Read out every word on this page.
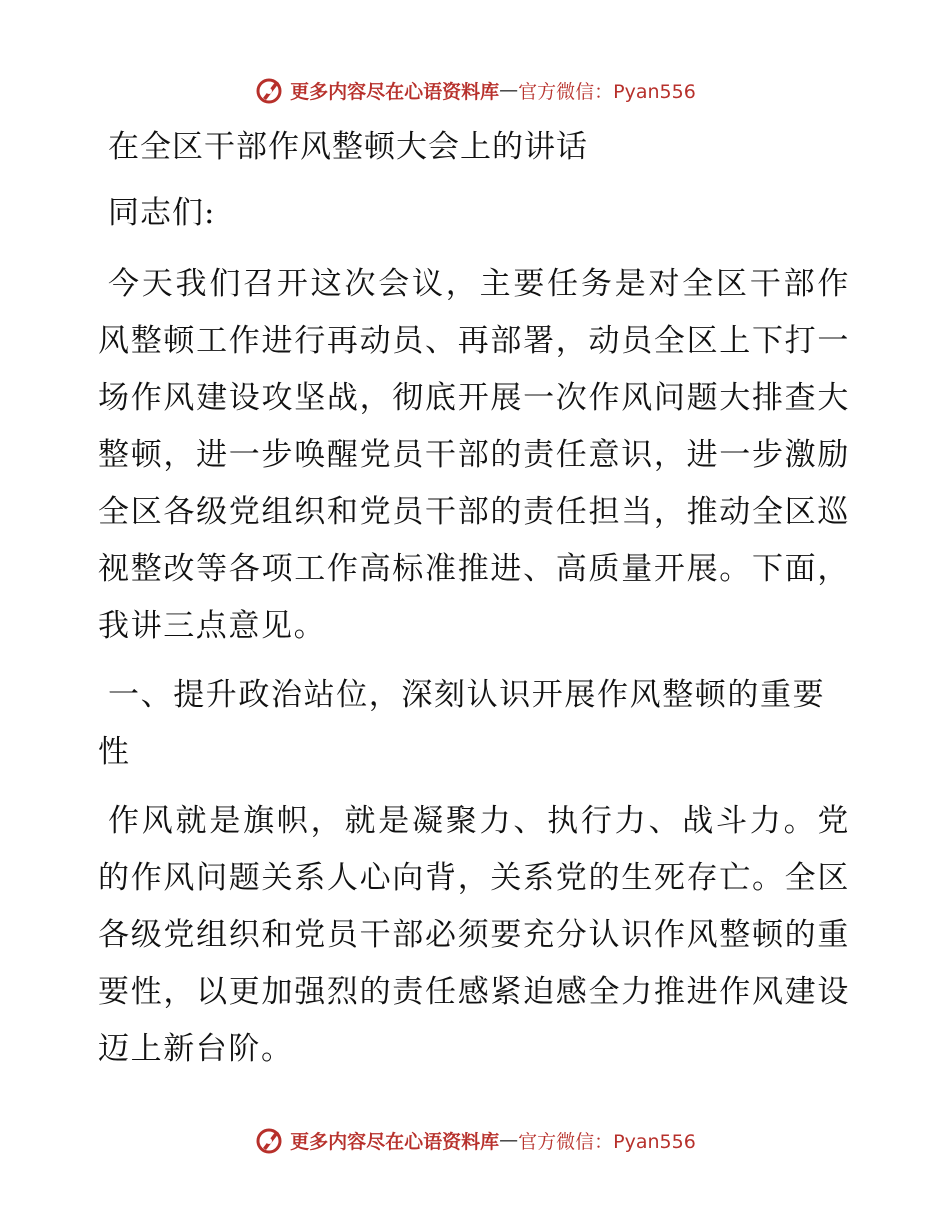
更多内容尽在心语资料库 — 官方微信：Pyan556
在全区干部作风整顿大会上的讲话
同志们:

今天我们召开这次会议，主要任务是对全区干部作风整顿工作进行再动员、再部署，动员全区上下打一场作风建设攻坚战，彻底开展一次作风问题大排查大整顿，进一步唤醒党员干部的责任意识，进一步激励全区各级党组织和党员干部的责任担当，推动全区巡视整改等各项工作高标准推进、高质量开展。下面，我讲三点意见。

一、提升政治站位，深刻认识开展作风整顿的重要性

作风就是旗帜，就是凝聚力、执行力、战斗力。党的作风问题关系人心向背，关系党的生死存亡。全区各级党组织和党员干部必须要充分认识作风整顿的重要性，以更加强烈的责任感紧迫感全力推进作风建设迈上新台阶。

更多内容尽在心语资料库 — 官方微信：Pyan556
